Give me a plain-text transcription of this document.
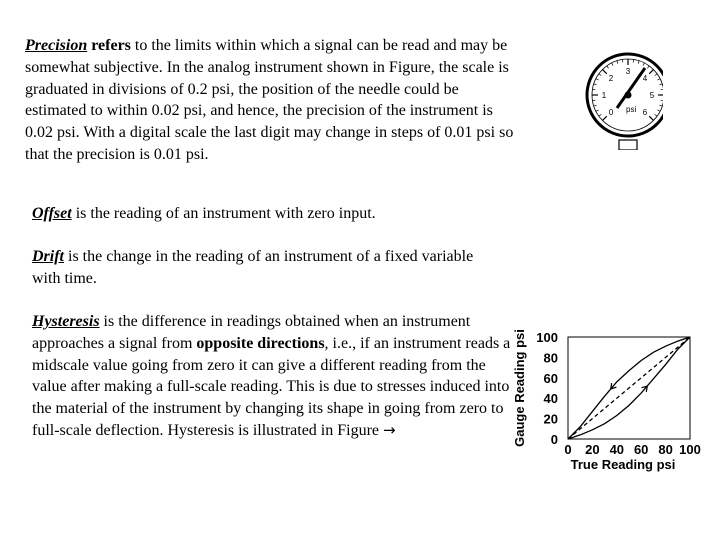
Precision refers to the limits within which a signal can be read and may be somewhat subjective. In the analog instrument shown in Figure, the scale is graduated in divisions of 0.2 psi, the position of the needle could be estimated to within 0.02 psi, and hence, the precision of the instrument is 0.02 psi. With a digital scale the last digit may change in steps of 0.01 psi so that the precision is 0.01 psi.
0
1
2
3
4
5
6
psi
Offset is the reading of an instrument with zero input.
Drift is the change in the reading of an instrument of a fixed variable with time.
Hysteresis is the difference in readings obtained when an instrument approaches a signal from opposite directions, i.e., if an instrument reads a midscale value going from zero it can give a different reading from the value after making a full-scale reading. This is due to stresses induced into the material of the instrument by changing its shape in going from zero to full-scale deflection. Hysteresis is illustrated in Figure →
0
20
40
60
80
100
0 20 40 60 80 100
True Reading psi
Gauge Reading psi
